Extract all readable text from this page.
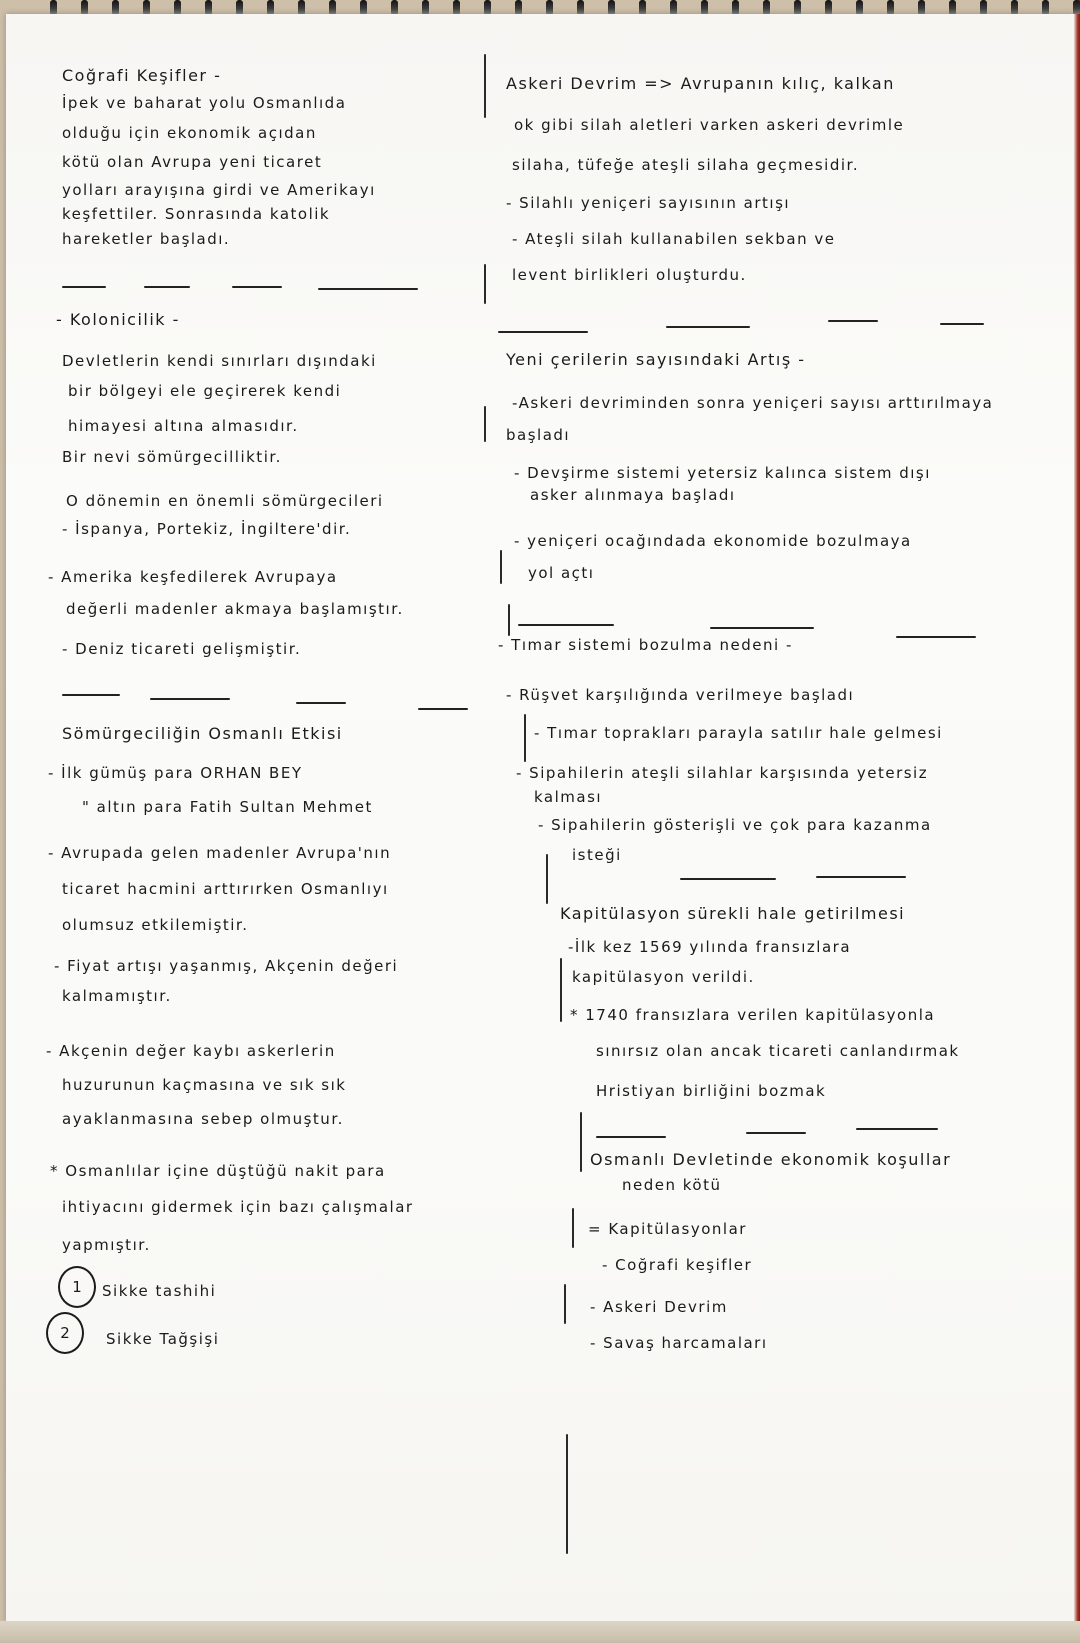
Coğrafi Keşifler -
İpek ve baharat yolu Osmanlıda
olduğu için ekonomik açıdan
kötü olan Avrupa yeni ticaret
yolları arayışına girdi ve Amerikayı
keşfettiler. Sonrasında katolik
hareketler başladı.
- Kolonicilik -
Devletlerin kendi sınırları dışındaki
bir bölgeyi ele geçirerek kendi
himayesi altına almasıdır.
Bir nevi sömürgecilliktir.
O dönemin en önemli sömürgecileri
- İspanya, Portekiz, İngiltere'dir.
- Amerika keşfedilerek Avrupaya
değerli madenler akmaya başlamıştır.
- Deniz ticareti gelişmiştir.
Sömürgeciliğin Osmanlı Etkisi
- İlk gümüş para ORHAN BEY
" altın para Fatih Sultan Mehmet
- Avrupada gelen madenler Avrupa'nın
ticaret hacmini arttırırken Osmanlıyı
olumsuz etkilemiştir.
- Fiyat artışı yaşanmış, Akçenin değeri
kalmamıştır.
- Akçenin değer kaybı askerlerin
huzurunun kaçmasına ve sık sık
ayaklanmasına sebep olmuştur.
* Osmanlılar içine düştüğü nakit para
ihtiyacını gidermek için bazı çalışmalar
yapmıştır.
1 Sikke tashihi
2 Sikke Tağşişi
Askeri Devrim => Avrupanın kılıç, kalkan
ok gibi silah aletleri varken askeri devrimle
silaha, tüfeğe ateşli silaha geçmesidir.
- Silahlı yeniçeri sayısının artışı
- Ateşli silah kullanabilen sekban ve
levent birlikleri oluşturdu.
Yeni çerilerin sayısındaki Artış -
-Askeri devriminden sonra yeniçeri sayısı arttırılmaya
başladı
- Devşirme sistemi yetersiz kalınca sistem dışı
asker alınmaya başladı
- yeniçeri ocağındada ekonomide bozulmaya
yol açtı
- Tımar sistemi bozulma nedeni -
- Rüşvet karşılığında verilmeye başladı
- Tımar toprakları parayla satılır hale gelmesi
- Sipahilerin ateşli silahlar karşısında yetersiz
kalması
- Sipahilerin gösterişli ve çok para kazanma
isteği
Kapitülasyon sürekli hale getirilmesi
-İlk kez 1569 yılında fransızlara
kapitülasyon verildi.
* 1740 fransızlara verilen kapitülasyonla
sınırsız olan ancak ticareti canlandırmak
Hristiyan birliğini bozmak
Osmanlı Devletinde ekonomik koşullar
neden kötü
= Kapitülasyonlar
- Coğrafi keşifler
- Askeri Devrim
- Savaş harcamaları
